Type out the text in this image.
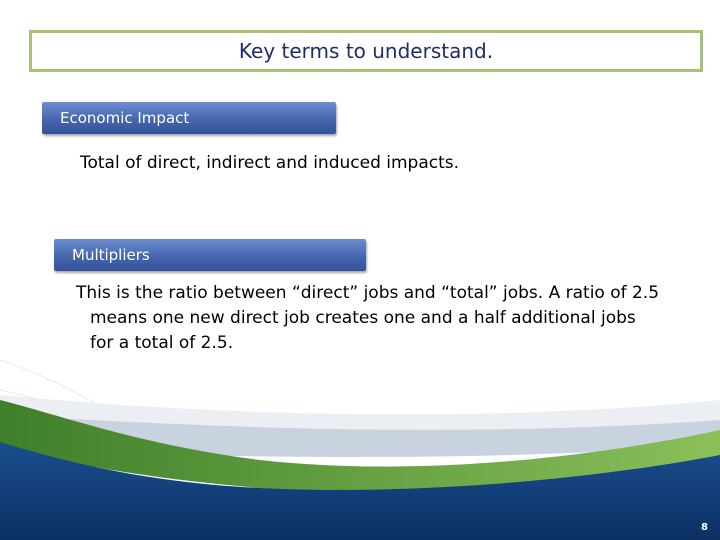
Key terms to understand.
Economic Impact
Total of direct, indirect and induced impacts.
Multipliers
This is the ratio between “direct” jobs and “total” jobs. A ratio of 2.5 means one new direct job creates one and a half additional jobs for a total of 2.5.
8
